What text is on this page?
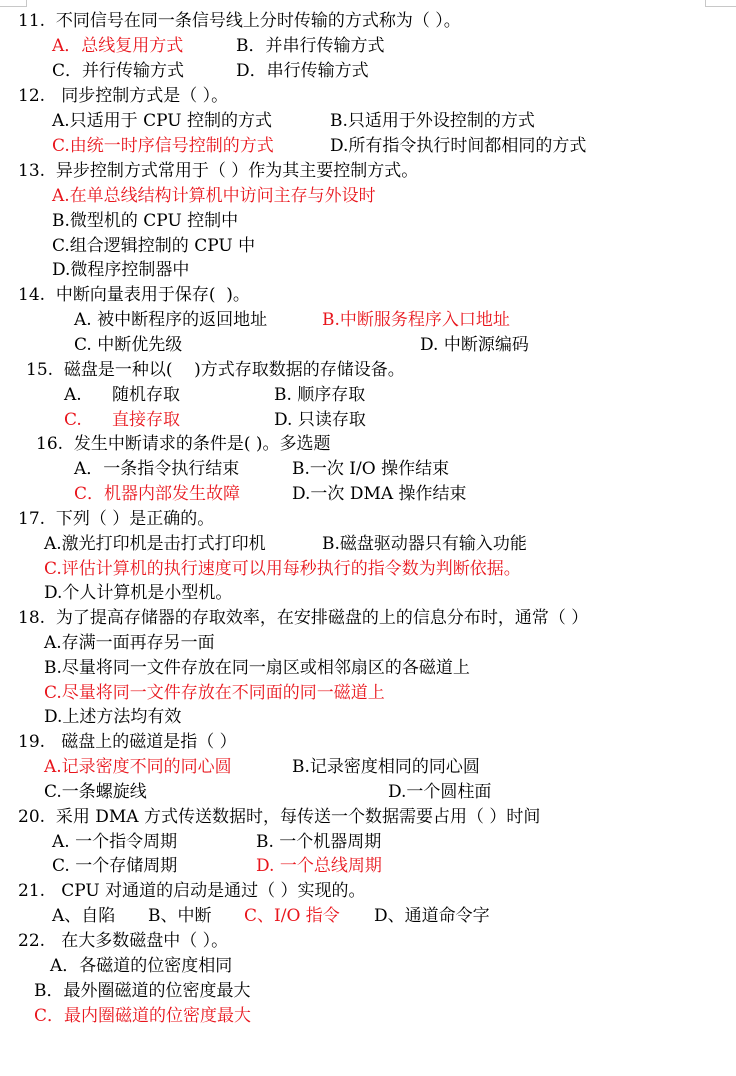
11.  不同信号在同一条信号线上分时传输的方式称为（ ）。

A．总线复用方式

	B．并串行传输方式

C．并行传输方式

	D．串行传输方式

12.   同步控制方式是（ ）。

A.只适用于 CPU 控制的方式

	B.只适用于外设控制的方式

C.由统一时序信号控制的方式

	D.所有指令执行时间都相同的方式

13.  异步控制方式常用于（ ）作为其主要控制方式。

A.在单总线结构计算机中访问主存与外设时

B.微型机的 CPU 控制中

C.组合逻辑控制的 CPU 中

D.微程序控制器中

14.  中断向量表用于保存(  )。

A. 被中断程序的返回地址

	B.中断服务程序入口地址

C. 中断优先级

	D. 中断源编码

15.  磁盘是一种以(    )方式存取数据的存储设备。

A.

随机存取

	B. 顺序存取

C.

直接存取

	D. 只读存取

16.  发生中断请求的条件是( )。多选题

A．一条指令执行结束

	B.一次 I/O 操作结束

C．机器内部发生故障

	D.一次 DMA 操作结束

17.  下列（ ）是正确的。

A.激光打印机是击打式打印机

	B.磁盘驱动器只有输入功能

C.评估计算机的执行速度可以用每秒执行的指令数为判断依据。

D.个人计算机是小型机。

18.  为了提高存储器的存取效率，在安排磁盘的上的信息分布时，通常（ ）

A.存满一面再存另一面

B.尽量将同一文件存放在同一扇区或相邻扇区的各磁道上

C.尽量将同一文件存放在不同面的同一磁道上

D.上述方法均有效

19.   磁盘上的磁道是指（ ）

A.记录密度不同的同心圆

	B.记录密度相同的同心圆

C.一条螺旋线

	D.一个圆柱面

20.  采用 DMA 方式传送数据时，每传送一个数据需要占用（ ）时间

A. 一个指令周期

	B. 一个机器周期

C. 一个存储周期

	D. 一个总线周期

21.   CPU 对通道的启动是通过（ ）实现的。

A、自陷

B、中断

C、I/O 指令

D、通道命令字

22.   在大多数磁盘中（ ）。

A．各磁道的位密度相同

B．最外圈磁道的位密度最大

C．最内圈磁道的位密度最大
